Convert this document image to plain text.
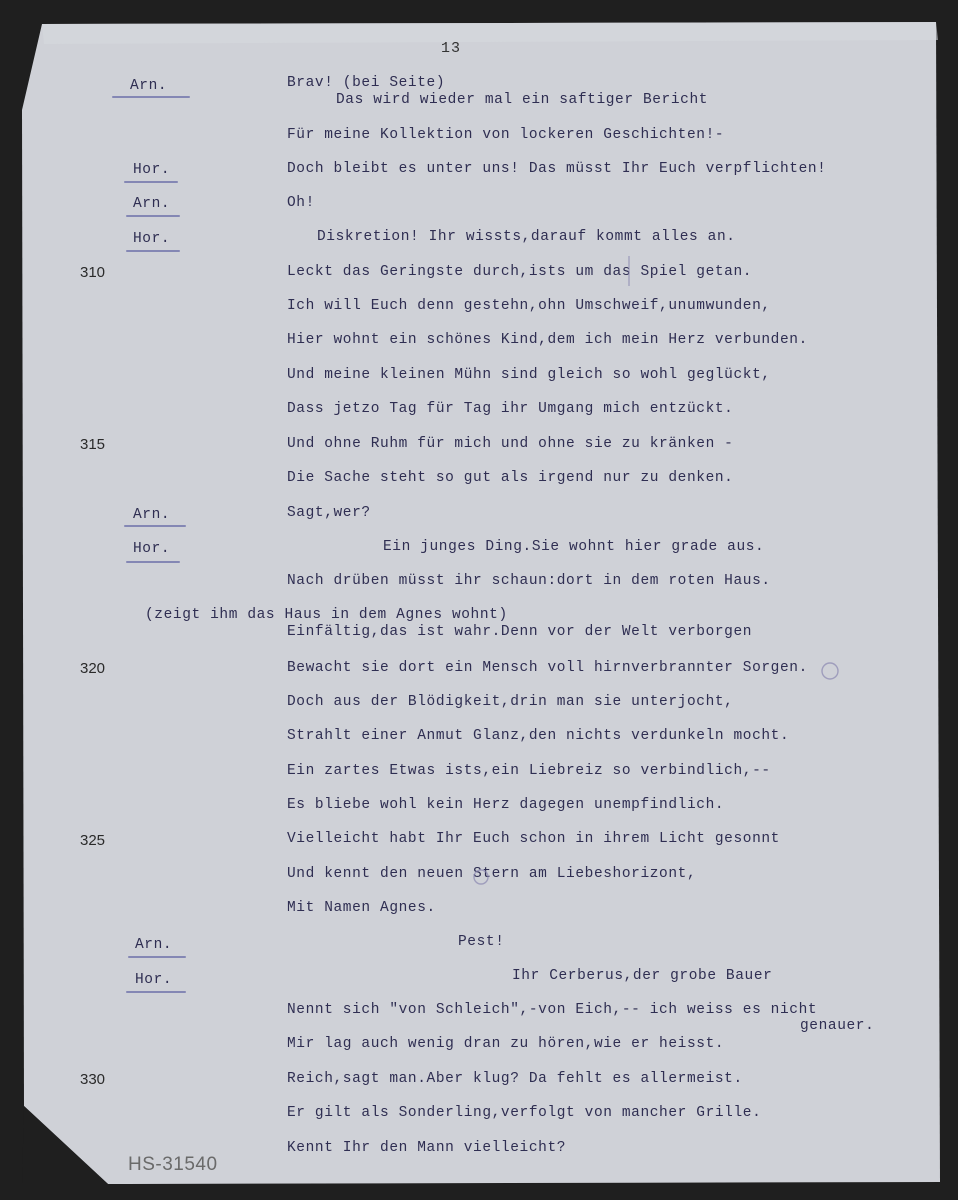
13
Arn.
Hor.
Arn.
Hor.
Arn.
Hor.
Arn.
Hor.
310
315
320
325
330
Brav! (bei Seite)
Das wird wieder mal ein saftiger Bericht
Für meine Kollektion von lockeren Geschichten!-
Doch bleibt es unter uns! Das müsst Ihr Euch verpflichten!
Oh!
Diskretion! Ihr wissts,darauf kommt alles an.
Leckt das Geringste durch,ists um das Spiel getan.
Ich will Euch denn gestehn,ohn Umschweif,unumwunden,
Hier wohnt ein schönes Kind,dem ich mein Herz verbunden.
Und meine kleinen Mühn sind gleich so wohl geglückt,
Dass jetzo Tag für Tag ihr Umgang mich entzückt.
Und ohne Ruhm für mich und ohne sie zu kränken -
Die Sache steht so gut als irgend nur zu denken.
Sagt,wer?
Ein junges Ding.Sie wohnt hier grade aus.
Nach drüben müsst ihr schaun:dort in dem roten Haus.
(zeigt ihm das Haus in dem Agnes wohnt)
Einfältig,das ist wahr.Denn vor der Welt verborgen
Bewacht sie dort ein Mensch voll hirnverbrannter Sorgen.
Doch aus der Blödigkeit,drin man sie unterjocht,
Strahlt einer Anmut Glanz,den nichts verdunkeln mocht.
Ein zartes Etwas ists,ein Liebreiz so verbindlich,--
Es bliebe wohl kein Herz dagegen unempfindlich.
Vielleicht habt Ihr Euch schon in ihrem Licht gesonnt
Und kennt den neuen Stern am Liebeshorizont,
Mit Namen Agnes.
Pest!
Ihr Cerberus,der grobe Bauer
Nennt sich "von Schleich",-von Eich,-- ich weiss es nicht
genauer.
Mir lag auch wenig dran zu hören,wie er heisst.
Reich,sagt man.Aber klug? Da fehlt es allermeist.
Er gilt als Sonderling,verfolgt von mancher Grille.
Kennt Ihr den Mann vielleicht?
HS-31540
